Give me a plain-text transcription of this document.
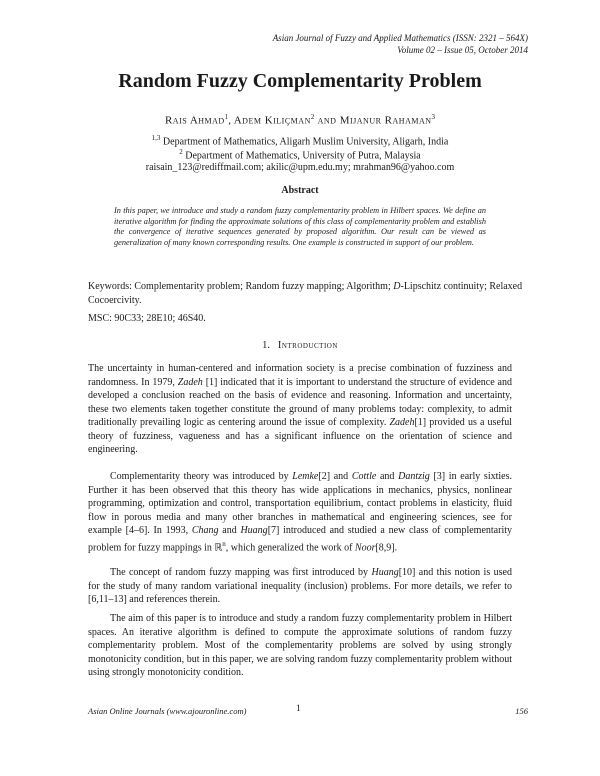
Asian Journal of Fuzzy and Applied Mathematics (ISSN: 2321 – 564X)
Volume 02 – Issue 05, October 2014
Random Fuzzy Complementarity Problem
Rais Ahmad$^1$, Adem Kılıçman$^2$ and Mijanur Rahaman$^3$
$^{1,3}$ Department of Mathematics, Aligarh Muslim University, Aligarh, India
$^2$ Department of Mathematics, University of Putra, Malaysia
raisain_123@rediffmail.com; akilic@upm.edu.my; mrahman96@yahoo.com
Abstract
In this paper, we introduce and study a random fuzzy complementarity problem in Hilbert spaces. We define an iterative algorithm for finding the approximate solutions of this class of complementarity problem and establish the convergence of iterative sequences generated by proposed algorithm. Our result can be viewed as generalization of many known corresponding results. One example is constructed in support of our problem.
Keywords: Complementarity problem; Random fuzzy mapping; Algorithm; D-Lipschitz continuity; Relaxed Cocoercivity.
MSC: 90C33; 28E10; 46S40.
1. Introduction
The uncertainty in human-centered and information society is a precise combination of fuzziness and randomness. In 1979, Zadeh [1] indicated that it is important to understand the structure of evidence and developed a conclusion reached on the basis of evidence and reasoning. Information and uncertainty, these two elements taken together constitute the ground of many problems today: complexity, to admit traditionally prevailing logic as centering around the issue of complexity. Zadeh[1] provided us a useful theory of fuzziness, vagueness and has a significant influence on the orientation of science and engineering.
Complementarity theory was introduced by Lemke[2] and Cottle and Dantzig [3] in early sixties. Further it has been observed that this theory has wide applications in mechanics, physics, nonlinear programming, optimization and control, transportation equilibrium, contact problems in elasticity, fluid flow in porous media and many other branches in mathematical and engineering sciences, see for example [4–6]. In 1993, Chang and Huang[7] introduced and studied a new class of complementarity problem for fuzzy mappings in ℝ$^n$, which generalized the work of Noor[8,9].
The concept of random fuzzy mapping was first introduced by Huang[10] and this notion is used for the study of many random variational inequality (inclusion) problems. For more details, we refer to [6,11–13] and references therein.
The aim of this paper is to introduce and study a random fuzzy complementarity problem in Hilbert spaces. An iterative algorithm is defined to compute the approximate solutions of random fuzzy complementarity problem. Most of the complementarity problems are solved by using strongly monotonicity condition, but in this paper, we are solving random fuzzy complementarity problem without using strongly monotonicity condition.
Asian Online Journals (www.ajouronline.com)	1	156
